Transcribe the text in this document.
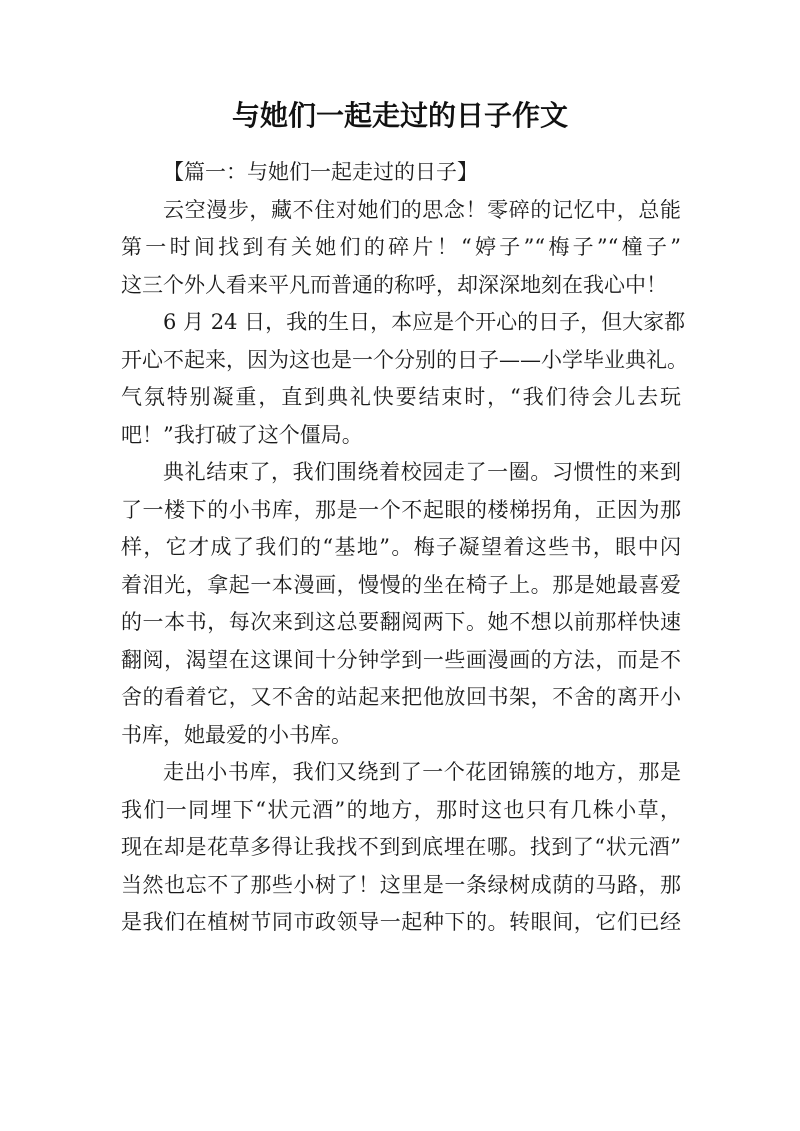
与她们一起走过的日子作文

【篇一：与她们一起走过的日子】

云空漫步，藏不住对她们的思念！零碎的记忆中，总能
第一时间找到有关她们的碎片！“婷子”“梅子”“橦子”
这三个外人看来平凡而普通的称呼，却深深地刻在我心中！

6 月 24 日，我的生日，本应是个开心的日子，但大家都
开心不起来，因为这也是一个分别的日子——小学毕业典礼。
气氛特别凝重，直到典礼快要结束时，“我们待会儿去玩
吧！”我打破了这个僵局。

典礼结束了，我们围绕着校园走了一圈。习惯性的来到
了一楼下的小书库，那是一个不起眼的楼梯拐角，正因为那
样，它才成了我们的“基地”。梅子凝望着这些书，眼中闪
着泪光，拿起一本漫画，慢慢的坐在椅子上。那是她最喜爱
的一本书，每次来到这总要翻阅两下。她不想以前那样快速
翻阅，渴望在这课间十分钟学到一些画漫画的方法，而是不
舍的看着它，又不舍的站起来把他放回书架，不舍的离开小
书库，她最爱的小书库。

走出小书库，我们又绕到了一个花团锦簇的地方，那是
我们一同埋下“状元酒”的地方，那时这也只有几株小草，
现在却是花草多得让我找不到到底埋在哪。找到了“状元酒”
当然也忘不了那些小树了！这里是一条绿树成荫的马路，那
是我们在植树节同市政领导一起种下的。转眼间，它们已经
